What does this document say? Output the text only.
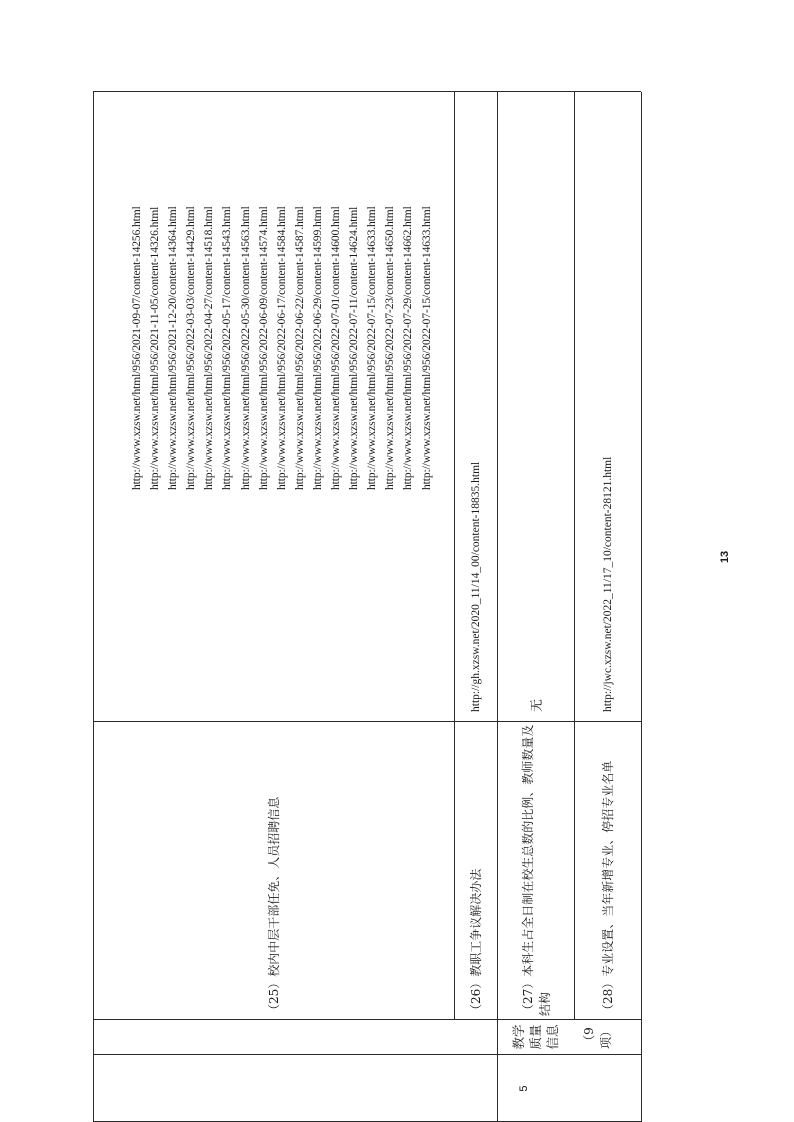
5
教学质量信息	（9项）
（25）校内中层干部任免、人员招聘信息
http://www.xzsw.net/html/956/2021-09-07/content-14256.html http://www.xzsw.net/html/956/2021-11-05/content-14326.html http://www.xzsw.net/html/956/2021-12-20/content-14364.html http://www.xzsw.net/html/956/2022-03-03/content-14429.html http://www.xzsw.net/html/956/2022-04-27/content-14518.html http://www.xzsw.net/html/956/2022-05-17/content-14543.html http://www.xzsw.net/html/956/2022-05-30/content-14563.html http://www.xzsw.net/html/956/2022-06-09/content-14574.html http://www.xzsw.net/html/956/2022-06-17/content-14584.html http://www.xzsw.net/html/956/2022-06-22/content-14587.html http://www.xzsw.net/html/956/2022-06-29/content-14599.html http://www.xzsw.net/html/956/2022-07-01/content-14600.html http://www.xzsw.net/html/956/2022-07-11/content-14624.html http://www.xzsw.net/html/956/2022-07-15/content-14633.html http://www.xzsw.net/html/956/2022-07-23/content-14650.html http://www.xzsw.net/html/956/2022-07-29/content-14662.html http://www.xzsw.net/html/956/2022-07-15/content-14633.html
（26）教职工争议解决办法
http://gh.xzsw.net/2020_11/14_00/content-18835.html
（27）本科生占全日制在校生总数的比例、教师数量及结构
无
（28）专业设置、当年新增专业、停招专业名单
http://jwc.xzsw.net/2022_11/17_10/content-28121.html	13
